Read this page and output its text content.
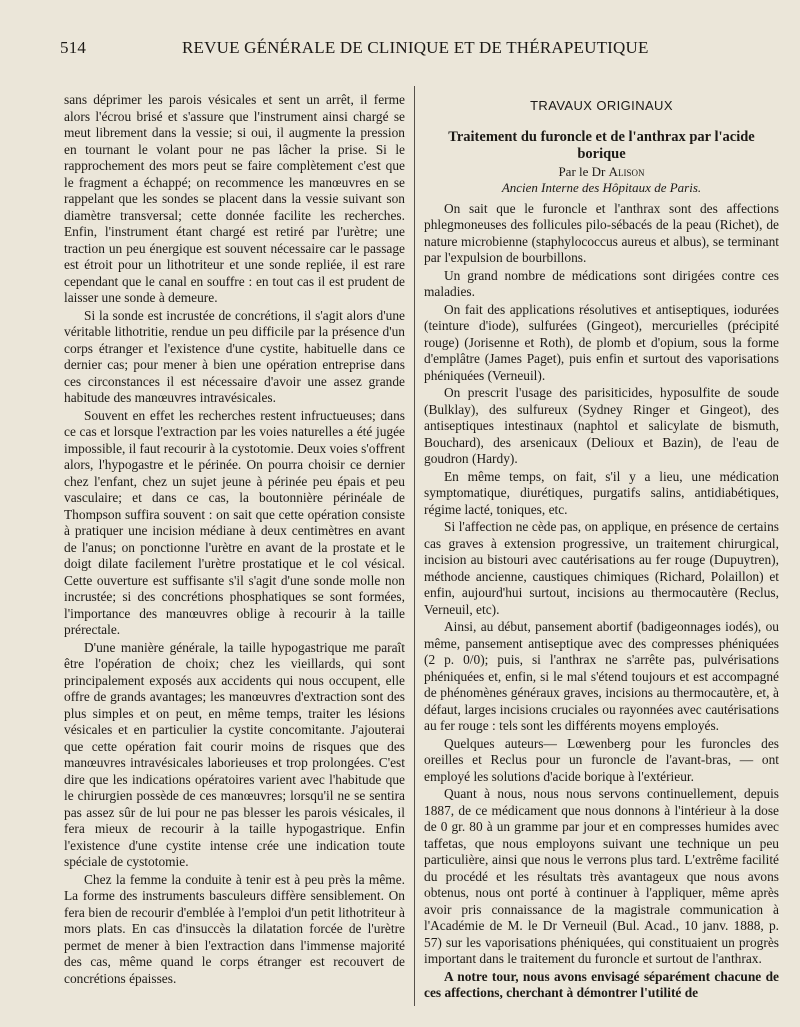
514	REVUE GÉNÉRALE DE CLINIQUE ET DE THÉRAPEUTIQUE

sans déprimer les parois vésicales et sent un arrêt, il ferme alors l'écrou brisé et s'assure que l'instrument ainsi chargé se meut librement dans la vessie; si oui, il augmente la pression en tournant le volant pour ne pas lâcher la prise. Si le rapprochement des mors peut se faire complètement c'est que le fragment a échappé; on recommence les manœuvres en se rappelant que les sondes se placent dans la vessie suivant son diamètre transversal; cette donnée facilite les recherches. Enfin, l'instrument étant chargé est retiré par l'urètre; une traction un peu énergique est souvent nécessaire car le passage est étroit pour un lithotriteur et une sonde repliée, il est rare cependant que le canal en souffre : en tout cas il est prudent de laisser une sonde à demeure.

Si la sonde est incrustée de concrétions, il s'agit alors d'une véritable lithotritie, rendue un peu difficile par la présence d'un corps étranger et l'existence d'une cystite, habituelle dans ce dernier cas; pour mener à bien une opération entreprise dans ces circonstances il est nécessaire d'avoir une assez grande habitude des manœuvres intravésicales.

Souvent en effet les recherches restent infructueuses; dans ce cas et lorsque l'extraction par les voies naturelles a été jugée impossible, il faut recourir à la cystotomie. Deux voies s'offrent alors, l'hypogastre et le périnée. On pourra choisir ce dernier chez l'enfant, chez un sujet jeune à périnée peu épais et peu vasculaire; et dans ce cas, la boutonnière périnéale de Thompson suffira souvent : on sait que cette opération consiste à pratiquer une incision médiane à deux centimètres en avant de l'anus; on ponctionne l'urètre en avant de la prostate et le doigt dilate facilement l'urètre prostatique et le col vésical. Cette ouverture est suffisante s'il s'agit d'une sonde molle non incrustée; si des concrétions phosphatiques se sont formées, l'importance des manœuvres oblige à recourir à la taille prérectale.

D'une manière générale, la taille hypogastrique me paraît être l'opération de choix; chez les vieillards, qui sont principalement exposés aux accidents qui nous occupent, elle offre de grands avantages; les manœuvres d'extraction sont des plus simples et on peut, en même temps, traiter les lésions vésicales et en particulier la cystite concomitante. J'ajouterai que cette opération fait courir moins de risques que des manœuvres intravésicales laborieuses et trop prolongées. C'est dire que les indications opératoires varient avec l'habitude que le chirurgien possède de ces manœuvres; lorsqu'il ne se sentira pas assez sûr de lui pour ne pas blesser les parois vésicales, il fera mieux de recourir à la taille hypogastrique. Enfin l'existence d'une cystite intense crée une indication toute spéciale de cystotomie.

Chez la femme la conduite à tenir est à peu près la même. La forme des instruments basculeurs diffère sensiblement. On fera bien de recourir d'emblée à l'emploi d'un petit lithotriteur à mors plats. En cas d'insuccès la dilatation forcée de l'urètre permet de mener à bien l'extraction dans l'immense majorité des cas, même quand le corps étranger est recouvert de concrétions épaisses.

TRAVAUX ORIGINAUX

Traitement du furoncle et de l'anthrax par l'acide borique
Par le Dr Alison
Ancien Interne des Hôpitaux de Paris.

On sait que le furoncle et l'anthrax sont des affections phlegmoneuses des follicules pilo-sébacés de la peau (Richet), de nature microbienne (staphylococcus aureus et albus), se terminant par l'expulsion de bourbillons.

Un grand nombre de médications sont dirigées contre ces maladies.

On fait des applications résolutives et antiseptiques, iodurées (teinture d'iode), sulfurées (Gingeot), mercurielles (précipité rouge) (Jorisenne et Roth), de plomb et d'opium, sous la forme d'emplâtre (James Paget), puis enfin et surtout des vaporisations phéniquées (Verneuil).

On prescrit l'usage des parisiticides, hyposulfite de soude (Bulklay), des sulfureux (Sydney Ringer et Gingeot), des antiseptiques intestinaux (naphtol et salicylate de bismuth, Bouchard), des arsenicaux (Delioux et Bazin), de l'eau de goudron (Hardy).

En même temps, on fait, s'il y a lieu, une médication symptomatique, diurétiques, purgatifs salins, antidiabétiques, régime lacté, toniques, etc.

Si l'affection ne cède pas, on applique, en présence de certains cas graves à extension progressive, un traitement chirurgical, incision au bistouri avec cautérisations au fer rouge (Dupuytren), méthode ancienne, caustiques chimiques (Richard, Polaillon) et enfin, aujourd'hui surtout, incisions au thermocautère (Reclus, Verneuil, etc).

Ainsi, au début, pansement abortif (badigeonnages iodés), ou même, pansement antiseptique avec des compresses phéniquées (2 p. 0/0); puis, si l'anthrax ne s'arrête pas, pulvérisations phéniquées et, enfin, si le mal s'étend toujours et est accompagné de phénomènes généraux graves, incisions au thermocautère, et, à défaut, larges incisions cruciales ou rayonnées avec cautérisations au fer rouge : tels sont les différents moyens employés.

Quelques auteurs— Lœwenberg pour les furoncles des oreilles et Reclus pour un furoncle de l'avant-bras, — ont employé les solutions d'acide borique à l'extérieur.

Quant à nous, nous nous servons continuellement, depuis 1887, de ce médicament que nous donnons à l'intérieur à la dose de 0 gr. 80 à un gramme par jour et en compresses humides avec taffetas, que nous employons suivant une technique un peu particulière, ainsi que nous le verrons plus tard. L'extrême facilité du procédé et les résultats très avantageux que nous avons obtenus, nous ont porté à continuer à l'appliquer, même après avoir pris connaissance de la magistrale communication à l'Académie de M. le Dr Verneuil (Bul. Acad., 10 janv. 1888, p. 57) sur les vaporisations phéniquées, qui constituaient un progrès important dans le traitement du furoncle et surtout de l'anthrax.

A notre tour, nous avons envisagé séparément chacune de ces affections, cherchant à démontrer l'utilité de
